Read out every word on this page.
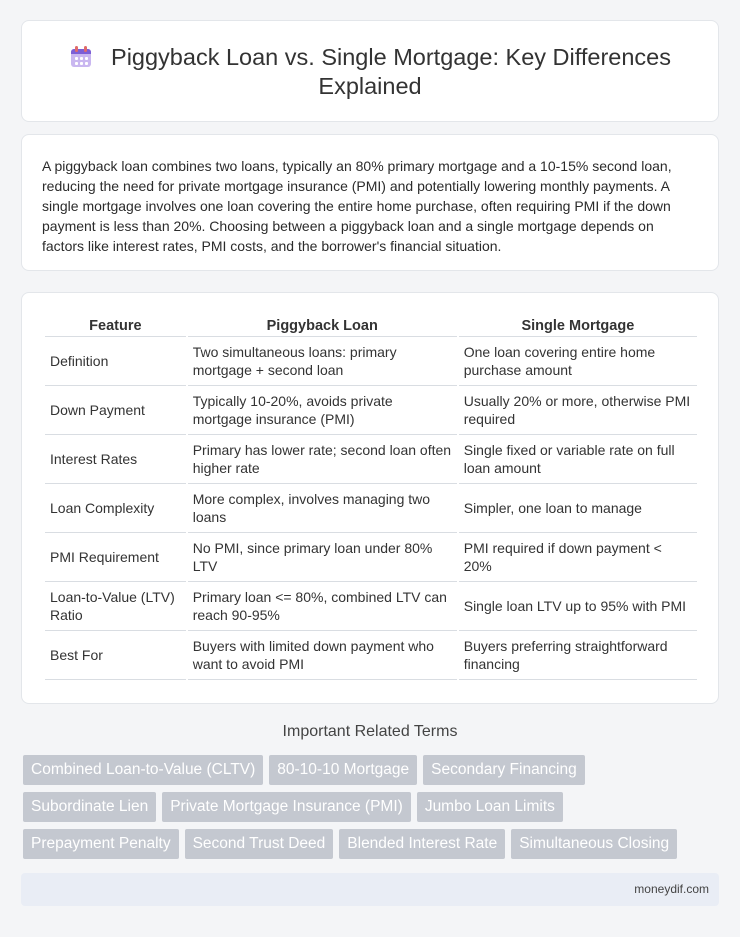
Piggyback Loan vs. Single Mortgage: Key Differences Explained

A piggyback loan combines two loans, typically an 80% primary mortgage and a 10-15% second loan, reducing the need for private mortgage insurance (PMI) and potentially lowering monthly payments. A single mortgage involves one loan covering the entire home purchase, often requiring PMI if the down payment is less than 20%. Choosing between a piggyback loan and a single mortgage depends on factors like interest rates, PMI costs, and the borrower's financial situation.

Feature	Piggyback Loan	Single Mortgage
Definition	Two simultaneous loans: primary mortgage + second loan	One loan covering entire home purchase amount
Down Payment	Typically 10-20%, avoids private mortgage insurance (PMI)	Usually 20% or more, otherwise PMI required
Interest Rates	Primary has lower rate; second loan often higher rate	Single fixed or variable rate on full loan amount
Loan Complexity	More complex, involves managing two loans	Simpler, one loan to manage
PMI Requirement	No PMI, since primary loan under 80% LTV	PMI required if down payment < 20%
Loan-to-Value (LTV) Ratio	Primary loan <= 80%, combined LTV can reach 90-95%	Single loan LTV up to 95% with PMI
Best For	Buyers with limited down payment who want to avoid PMI	Buyers preferring straightforward financing
Important Related Terms
Combined Loan-to-Value (CLTV)	80-10-10 Mortgage	Secondary Financing
Subordinate Lien	Private Mortgage Insurance (PMI)	Jumbo Loan Limits
Prepayment Penalty	Second Trust Deed	Blended Interest Rate	Simultaneous Closing
moneydif.com
